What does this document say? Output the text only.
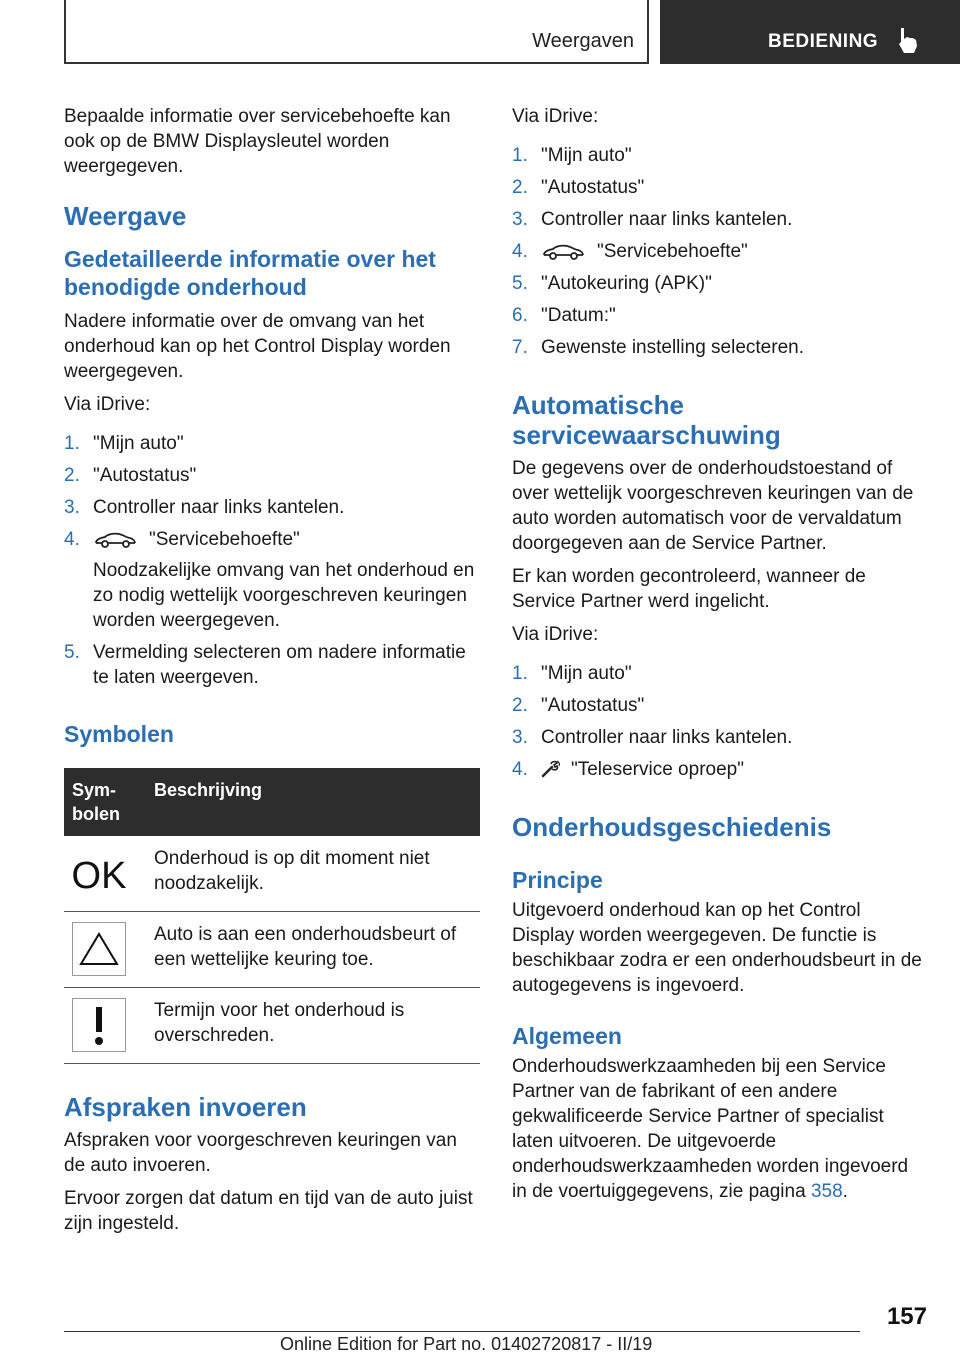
Weergaven	BEDIENING

Bepaalde informatie over servicebehoefte kan ook op de BMW Displaysleutel worden weergegeven.

Weergave
Gedetailleerde informatie over het benodigde onderhoud

Nadere informatie over de omvang van het onderhoud kan op het Control Display worden weergegeven.

Via iDrive:

1. "Mijn auto"
2. "Autostatus"
3. Controller naar links kantelen.
4.	"Servicebehoefte"
Noodzakelijke omvang van het onderhoud en zo nodig wettelijk voorgeschreven keuringen worden weergegeven.
5. Vermelding selecteren om nadere informatie te laten weergeven.
Symbolen
Sym-bolen	Beschrijving

OK	Onderhoud is op dit moment niet noodzakelijk.

	Auto is aan een onderhoudsbeurt of een wettelijke keuring toe.

	Termijn voor het onderhoud is overschreden.
Afspraken invoeren

Afspraken voor voorgeschreven keuringen van de auto invoeren.

Ervoor zorgen dat datum en tijd van de auto juist zijn ingesteld.

Via iDrive:

1. "Mijn auto"
2. "Autostatus"
3. Controller naar links kantelen.
4.	"Servicebehoefte"
5. "Autokeuring (APK)"
6. "Datum:"
7. Gewenste instelling selecteren.
Automatische servicewaarschuwing

De gegevens over de onderhoudstoestand of over wettelijk voorgeschreven keuringen van de auto worden automatisch voor de vervaldatum doorgegeven aan de Service Partner.

Er kan worden gecontroleerd, wanneer de Service Partner werd ingelicht.

Via iDrive:

1. "Mijn auto"
2. "Autostatus"
3. Controller naar links kantelen.
4. "Teleservice oproep"
Onderhoudsgeschiedenis
Principe

Uitgevoerd onderhoud kan op het Control Display worden weergegeven. De functie is beschikbaar zodra er een onderhoudsbeurt in de autogegevens is ingevoerd.

Algemeen

Onderhoudswerkzaamheden bij een Service Partner van de fabrikant of een andere gekwalificeerde Service Partner of specialist laten uitvoeren. De uitgevoerde onderhoudswerkzaamheden worden ingevoerd in de voertuiggegevens, zie pagina 358.

157
Online Edition for Part no. 01402720817 - II/19
